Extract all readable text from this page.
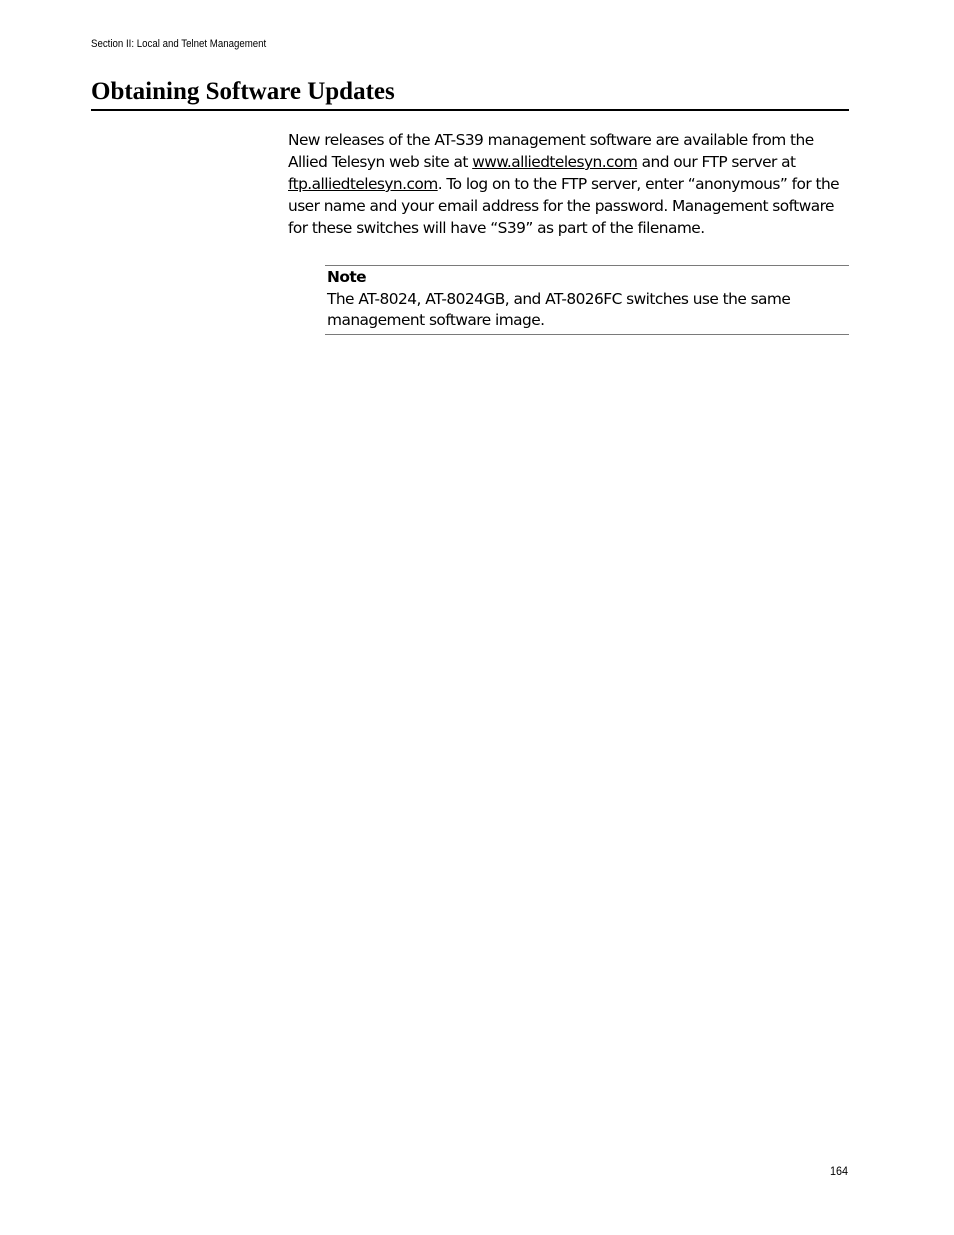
Section II: Local and Telnet Management
Obtaining Software Updates

New releases of the AT-S39 management software are available from the Allied Telesyn web site at www.alliedtelesyn.com and our FTP server at ftp.alliedtelesyn.com. To log on to the FTP server, enter “anonymous” for the user name and your email address for the password. Management software for these switches will have “S39” as part of the filename.

Note
The AT-8024, AT-8024GB, and AT-8026FC switches use the same management software image.
164
